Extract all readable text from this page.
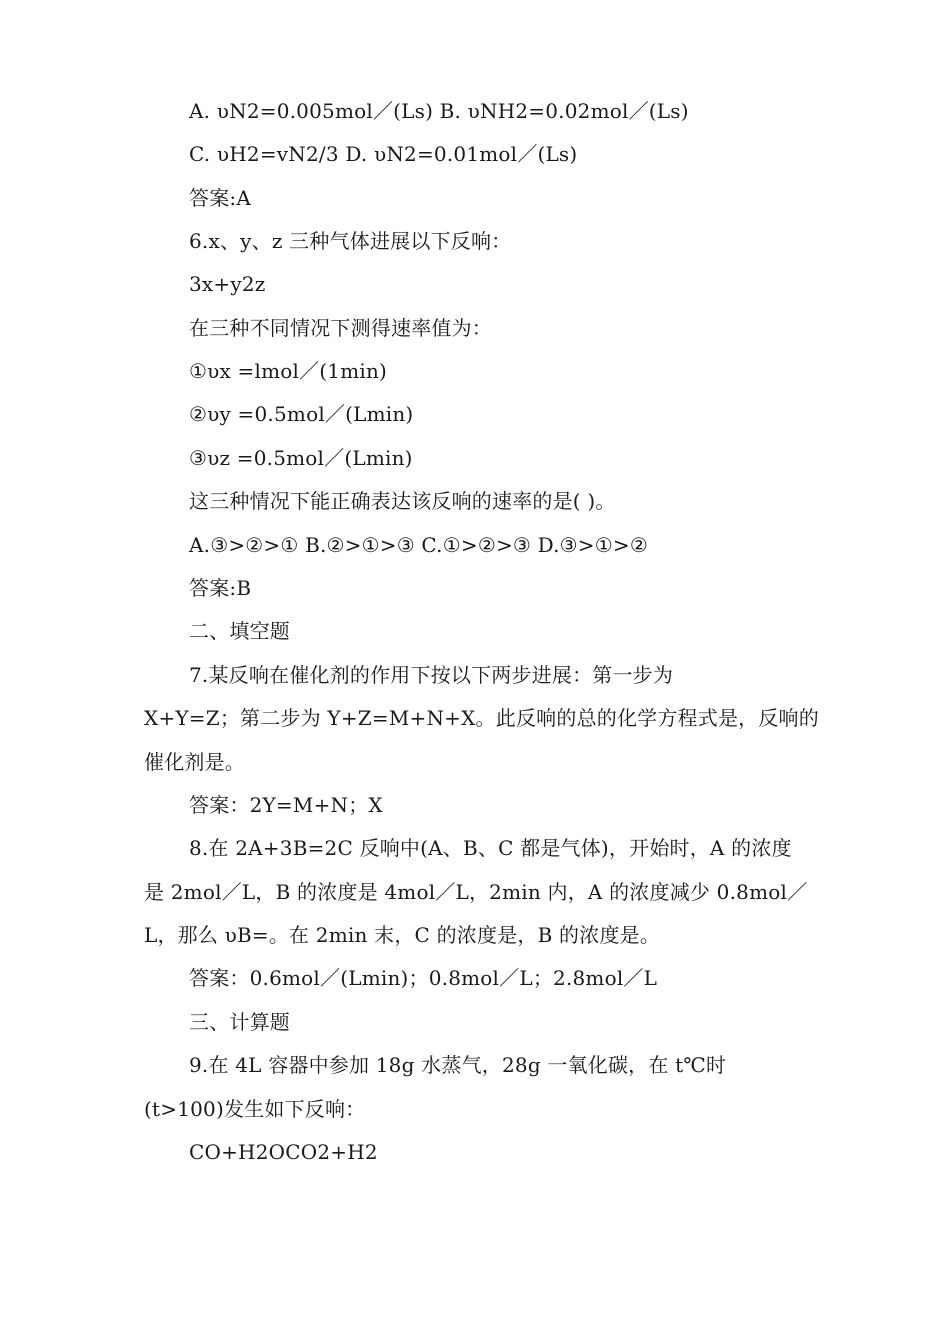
A. υN2=0.005mol／(Ls) B. υNH2=0.02mol／(Ls)
C. υH2=vN2/3 D. υN2=0.01mol／(Ls)
答案:A
6.x、y、z 三种气体进展以下反响：
3x+y2z
在三种不同情况下测得速率值为：
①υx =lmol／(1min)
②υy =0.5mol／(Lmin)
③υz =0.5mol／(Lmin)
这三种情况下能正确表达该反响的速率的是( )。
A.③>②>① B.②>①>③ C.①>②>③ D.③>①>②
答案:B
二、填空题
7.某反响在催化剂的作用下按以下两步进展：第一步为
X+Y=Z；第二步为 Y+Z=M+N+X。此反响的总的化学方程式是，反响的
催化剂是。
答案：2Y=M+N；X
8.在 2A+3B=2C 反响中(A、B、C 都是气体)，开始时，A 的浓度
是 2mol／L，B 的浓度是 4mol／L，2min 内，A 的浓度减少 0.8mol／
L，那么 υB=。在 2min 末，C 的浓度是，B 的浓度是。
答案：0.6mol／(Lmin)；0.8mol／L；2.8mol／L
三、计算题
9.在 4L 容器中参加 18g 水蒸气，28g 一氧化碳，在 t℃时
(t>100)发生如下反响：
CO+H2OCO2+H2
